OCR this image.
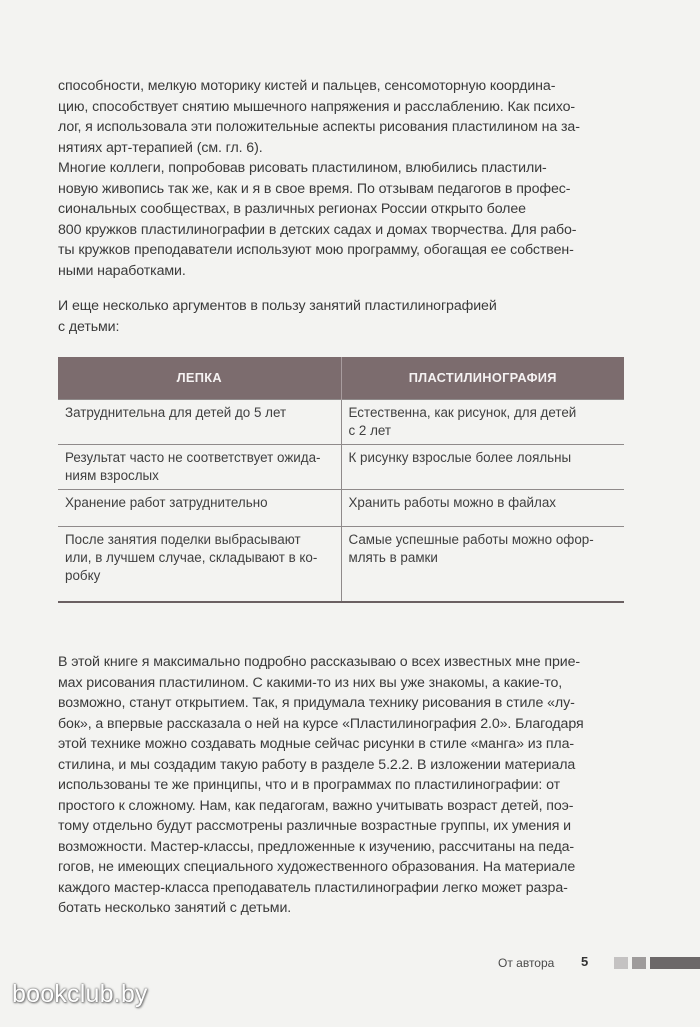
способности, мелкую моторику кистей и пальцев, сенсомоторную координа-
цию, способствует снятию мышечного напряжения и расслаблению. Как психо-
лог, я использовала эти положительные аспекты рисования пластилином на за-
нятиях арт-терапией (см. гл. 6).

Многие коллеги, попробовав рисовать пластилином, влюбились пластили-
новую живопись так же, как и я в свое время. По отзывам педагогов в профес-
сиональных сообществах, в различных регионах России открыто более
800 кружков пластилинографии в детских садах и домах творчества. Для рабо-
ты кружков преподаватели используют мою программу, обогащая ее собствен-
ными наработками.

И еще несколько аргументов в пользу занятий пластилинографией
с детьми:

ЛЕПКА	ПЛАСТИЛИНОГРАФИЯ
Затруднительна для детей до 5 лет	Естественна, как рисунок, для детей
с 2 лет
Результат часто не соответствует ожида-
ниям взрослых	К рисунку взрослые более лояльны
Хранение работ затруднительно	Хранить работы можно в файлах
После занятия поделки выбрасывают
или, в лучшем случае, складывают в ко-
робку	Самые успешные работы можно офор-
млять в рамки

В этой книге я максимально подробно рассказываю о всех известных мне прие-
мах рисования пластилином. С какими-то из них вы уже знакомы, а какие-то,
возможно, станут открытием. Так, я придумала технику рисования в стиле «лу-
бок», а впервые рассказала о ней на курсе «Пластилинография 2.0». Благодаря
этой технике можно создавать модные сейчас рисунки в стиле «манга» из пла-
стилина, и мы создадим такую работу в разделе 5.2.2. В изложении материала
использованы те же принципы, что и в программах по пластилинографии: от
простого к сложному. Нам, как педагогам, важно учитывать возраст детей, поэ-
тому отдельно будут рассмотрены различные возрастные группы, их умения и
возможности. Мастер-классы, предложенные к изучению, рассчитаны на педа-
гогов, не имеющих специального художественного образования. На материале
каждого мастер-класса преподаватель пластилинографии легко может разра-
ботать несколько занятий с детьми.

От автора 5
bookclub.by
